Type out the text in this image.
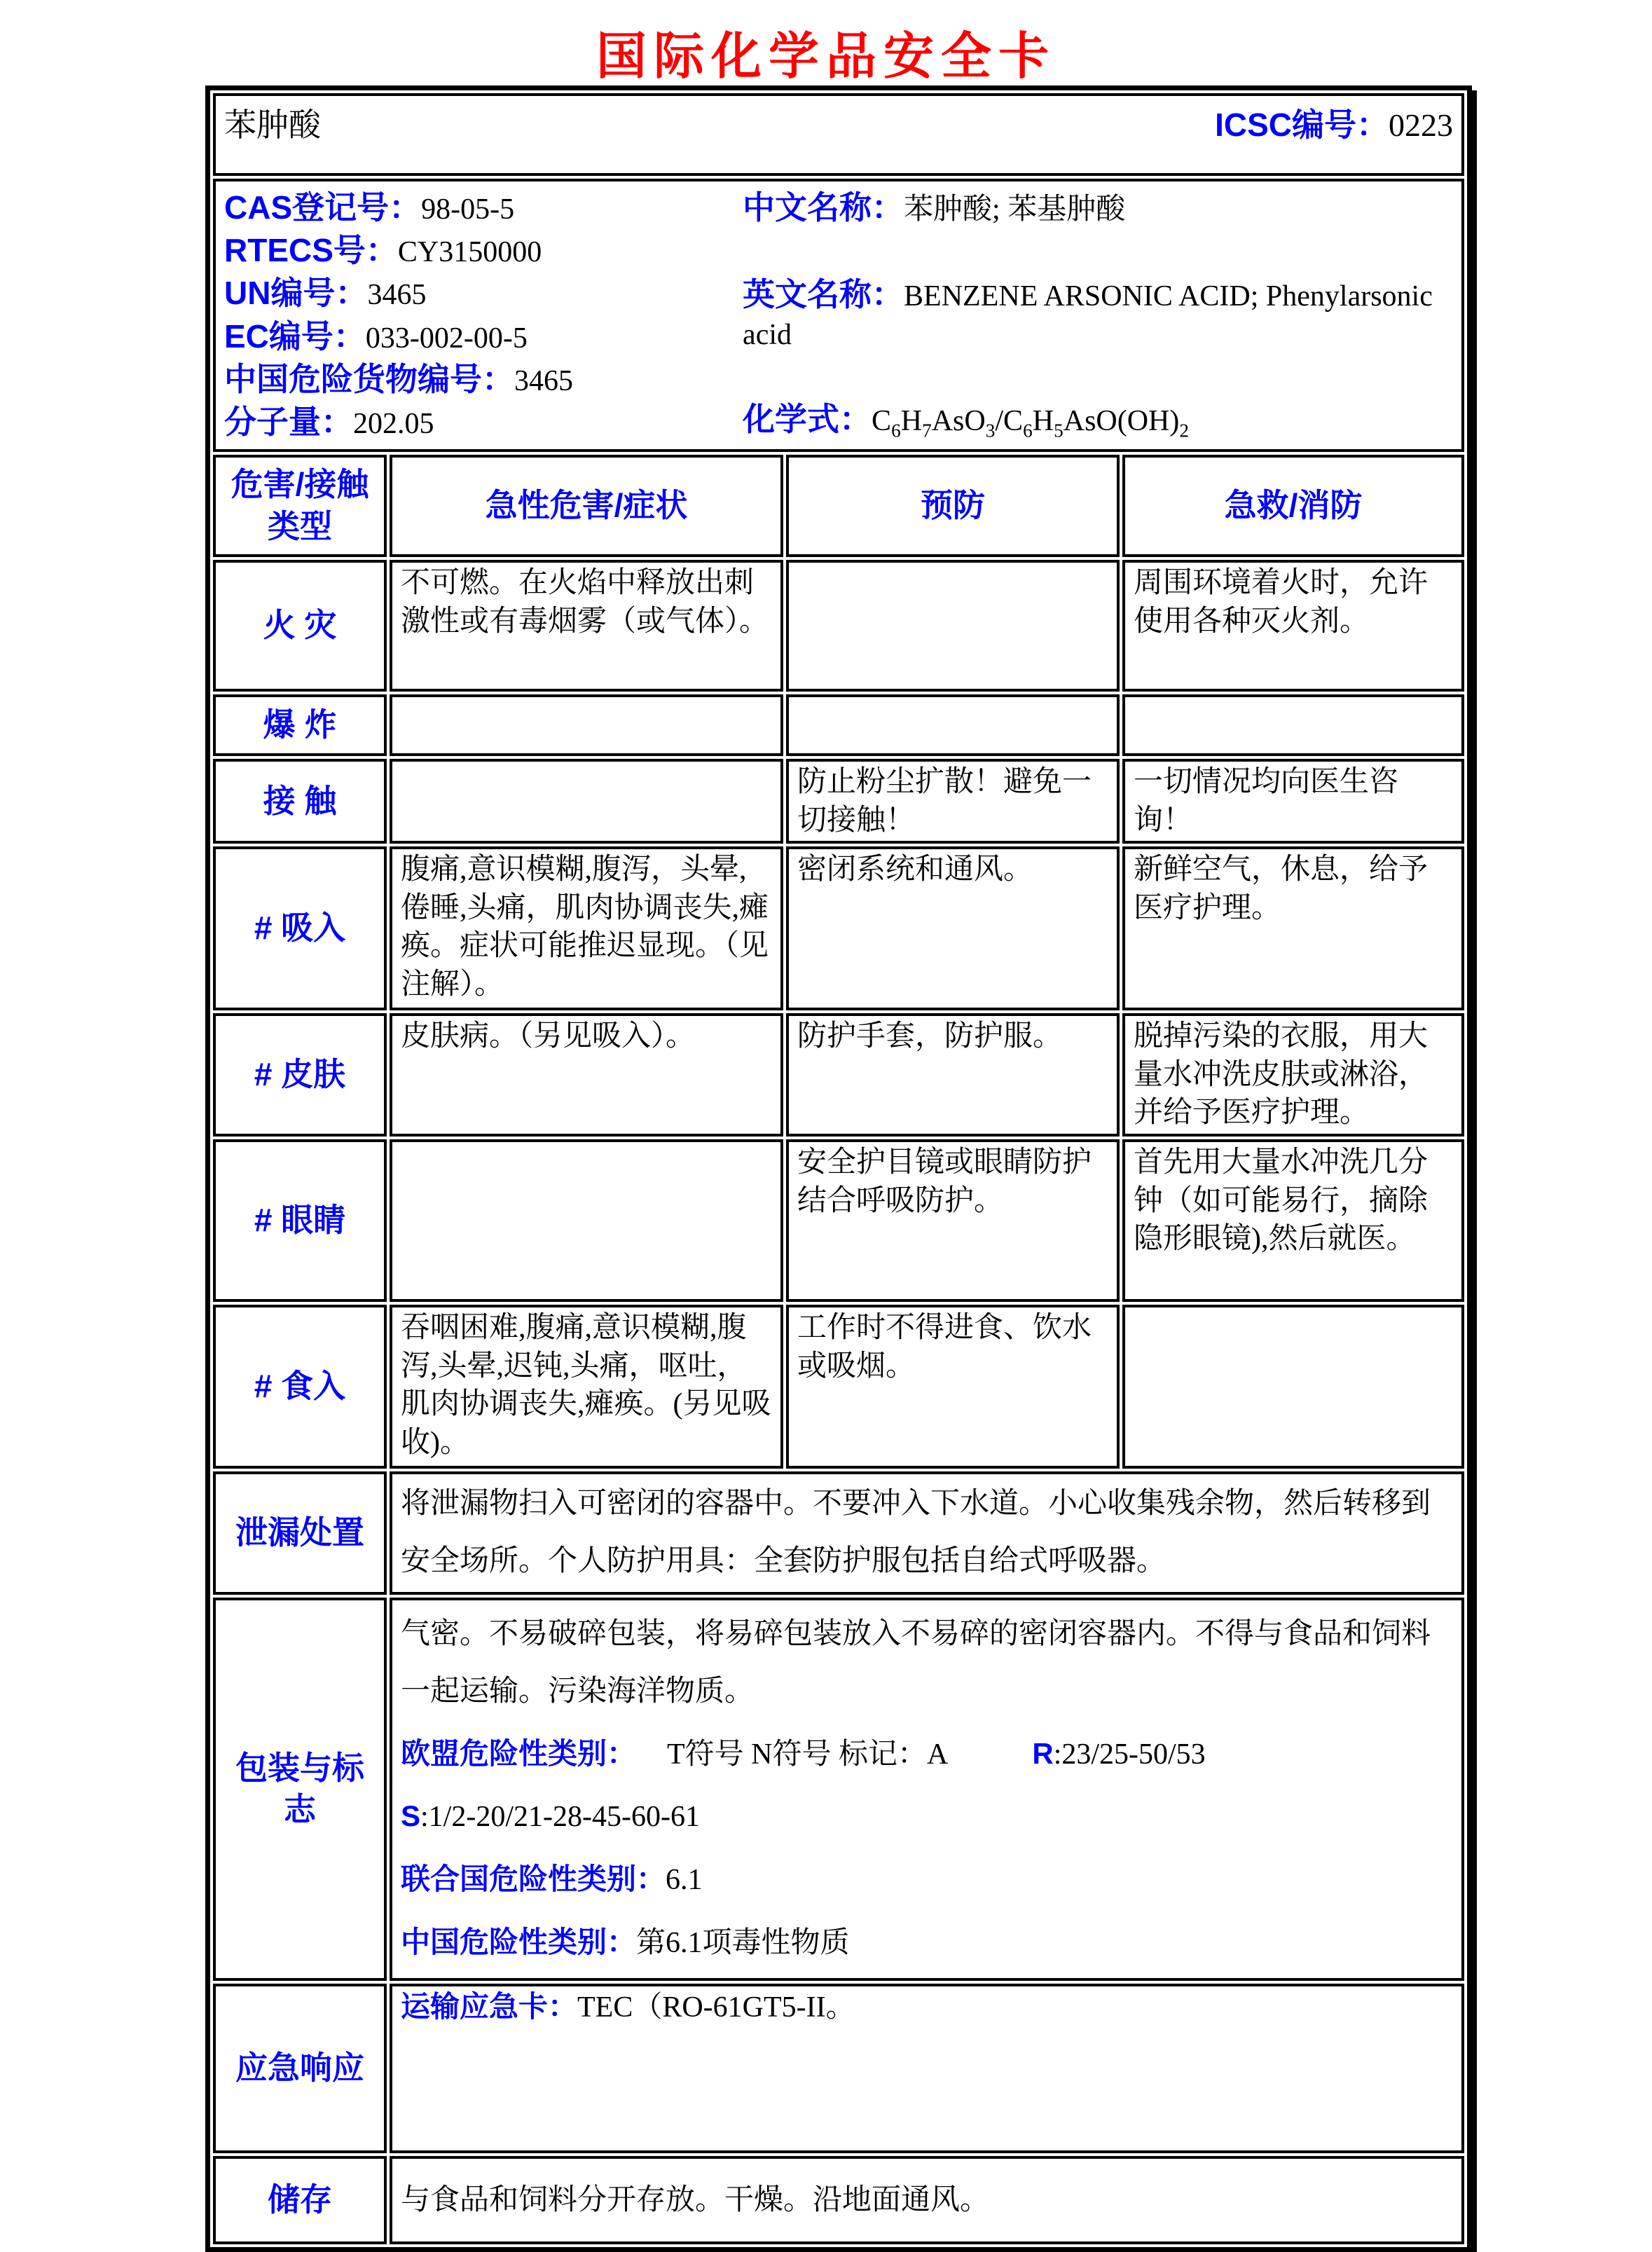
国际化学品安全卡
苯肿酸 ICSC编号：0223			

CAS登记号：98-05-5
RTECS号：CY3150000
UN编号：3465
EC编号：033-002-00-5
中国危险货物编号：3465
分子量：202.05
中文名称：苯肿酸; 苯基肿酸
英文名称：BENZENE ARSONIC ACID; Phenylarsonic acid
化学式：$C_6H_7AsO_3/C_6H_5AsO(OH)_2$

危害/接触类型	急性危害/症状	预防	急救/消防
火 灾	不可燃。在火焰中释放出刺激性或有毒烟雾（或气体）。		周围环境着火时，允许使用各种灭火剂。
爆 炸			
接 触		防止粉尘扩散！避免一切接触！	一切情况均向医生咨询！
# 吸入	腹痛,意识模糊,腹泻，头晕,倦睡,头痛，肌肉协调丧失,瘫痪。症状可能推迟显现。（见注解）。	密闭系统和通风。	新鲜空气，休息，给予医疗护理。
# 皮肤	皮肤病。（另见吸入）。	防护手套，防护服。	脱掉污染的衣服，用大量水冲洗皮肤或淋浴，并给予医疗护理。
# 眼睛		安全护目镜或眼睛防护结合呼吸防护。	首先用大量水冲洗几分钟（如可能易行，摘除隐形眼镜),然后就医。
# 食入	吞咽困难,腹痛,意识模糊,腹泻,头晕,迟钝,头痛，呕吐，肌肉协调丧失,瘫痪。(另见吸收)。	工作时不得进食、饮水或吸烟。	
泄漏处置	将泄漏物扫入可密闭的容器中。不要冲入下水道。小心收集残余物，然后转移到安全场所。个人防护用具：全套防护服包括自给式呼吸器。		
包装与标志	气密。不易破碎包装，将易碎包装放入不易碎的密闭容器内。不得与食品和饲料一起运输。污染海洋物质。
欧盟危险性类别： T符号 N符号 标记：A R:23/25-50/53
S:1/2-20/21-28-45-60-61
联合国危险性类别：6.1
中国危险性类别：第6.1项毒性物质		

应急响应	运输应急卡：TEC（RO-61GT5-II。		
储存	与食品和饲料分开存放。干燥。沿地面通风。		
